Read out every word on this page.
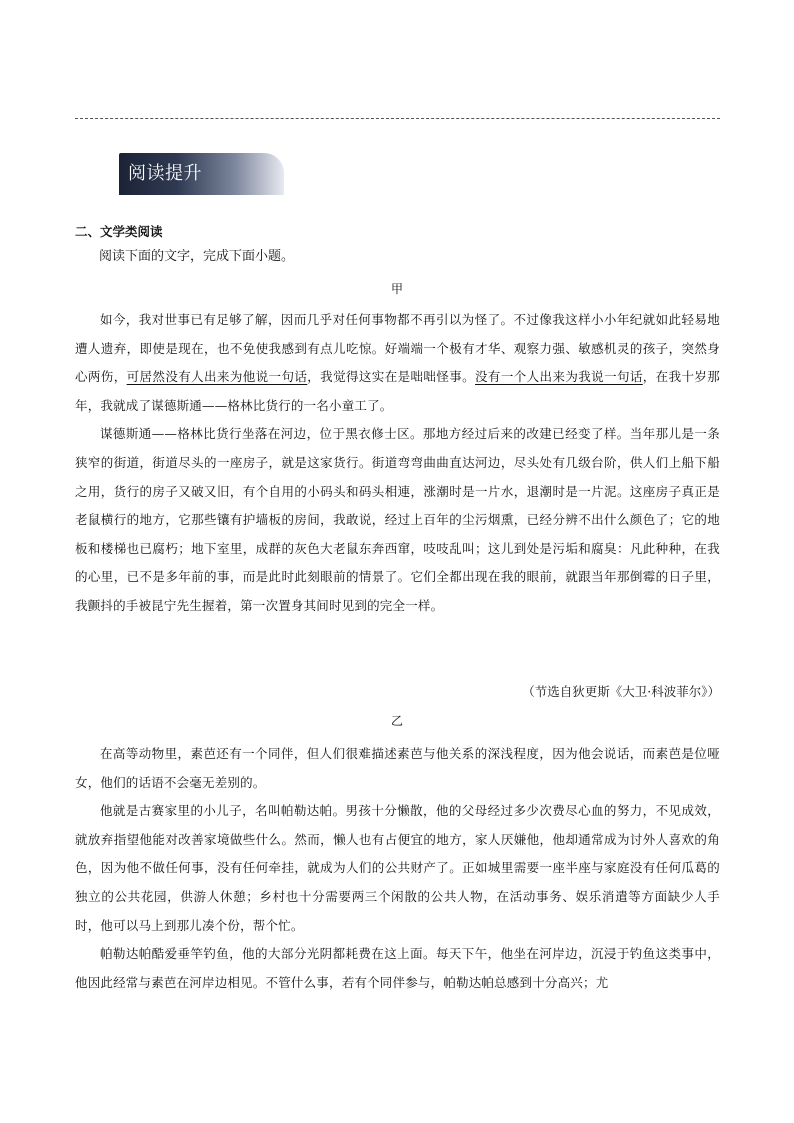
阅读提升
二、文学类阅读
阅读下面的文字，完成下面小题。
甲

如今，我对世事已有足够了解，因而几乎对任何事物都不再引以为怪了。不过像我这样小小年纪就如此轻易地遭人遗弃，即使是现在，也不免使我感到有点儿吃惊。好端端一个极有才华、观察力强、敏感机灵的孩子，突然身心两伤，可居然没有人出来为他说一句话，我觉得这实在是咄咄怪事。没有一个人出来为我说一句话，在我十岁那年，我就成了谋德斯通——格林比货行的一名小童工了。

谋德斯通——格林比货行坐落在河边，位于黑衣修士区。那地方经过后来的改建已经变了样。当年那儿是一条狭窄的街道，街道尽头的一座房子，就是这家货行。街道弯弯曲曲直达河边，尽头处有几级台阶，供人们上船下船之用，货行的房子又破又旧，有个自用的小码头和码头相連，涨潮时是一片水，退潮时是一片泥。这座房子真正是老鼠横行的地方，它那些镶有护墙板的房间，我敢说，经过上百年的尘污烟熏，已经分辨不出什么颜色了；它的地板和楼梯也已腐朽；地下室里，成群的灰色大老鼠东奔西窜，吱吱乱叫；这儿到处是污垢和腐臭：凡此种种，在我的心里，已不是多年前的事，而是此时此刻眼前的情景了。它们全都出现在我的眼前，就跟当年那倒霉的日子里，我颤抖的手被昆宁先生握着，第一次置身其间时见到的完全一样。

（节选自狄更斯《大卫·科波菲尔》）
乙

在高等动物里，素芭还有一个同伴，但人们很难描述素芭与他关系的深浅程度，因为他会说话，而素芭是位哑女，他们的话语不会毫无差别的。

他就是古赛家里的小儿子，名叫帕勒达帕。男孩十分懒散，他的父母经过多少次费尽心血的努力，不见成效，就放弃指望他能对改善家境做些什么。然而，懒人也有占便宜的地方，家人厌嫌他，他却通常成为讨外人喜欢的角色，因为他不做任何事，没有任何牵挂，就成为人们的公共财产了。正如城里需要一座半座与家庭没有任何瓜葛的独立的公共花园，供游人休憩；乡村也十分需要两三个闲散的公共人物，在活动事务、娱乐消遣等方面缺少人手时，他可以马上到那儿凑个份，帮个忙。

帕勒达帕酷爱垂竿钓鱼，他的大部分光阴都耗费在这上面。每天下午，他坐在河岸边，沉浸于钓鱼这类事中，他因此经常与素芭在河岸边相见。不管什么事，若有个同伴参与，帕勒达帕总感到十分高兴；尤
